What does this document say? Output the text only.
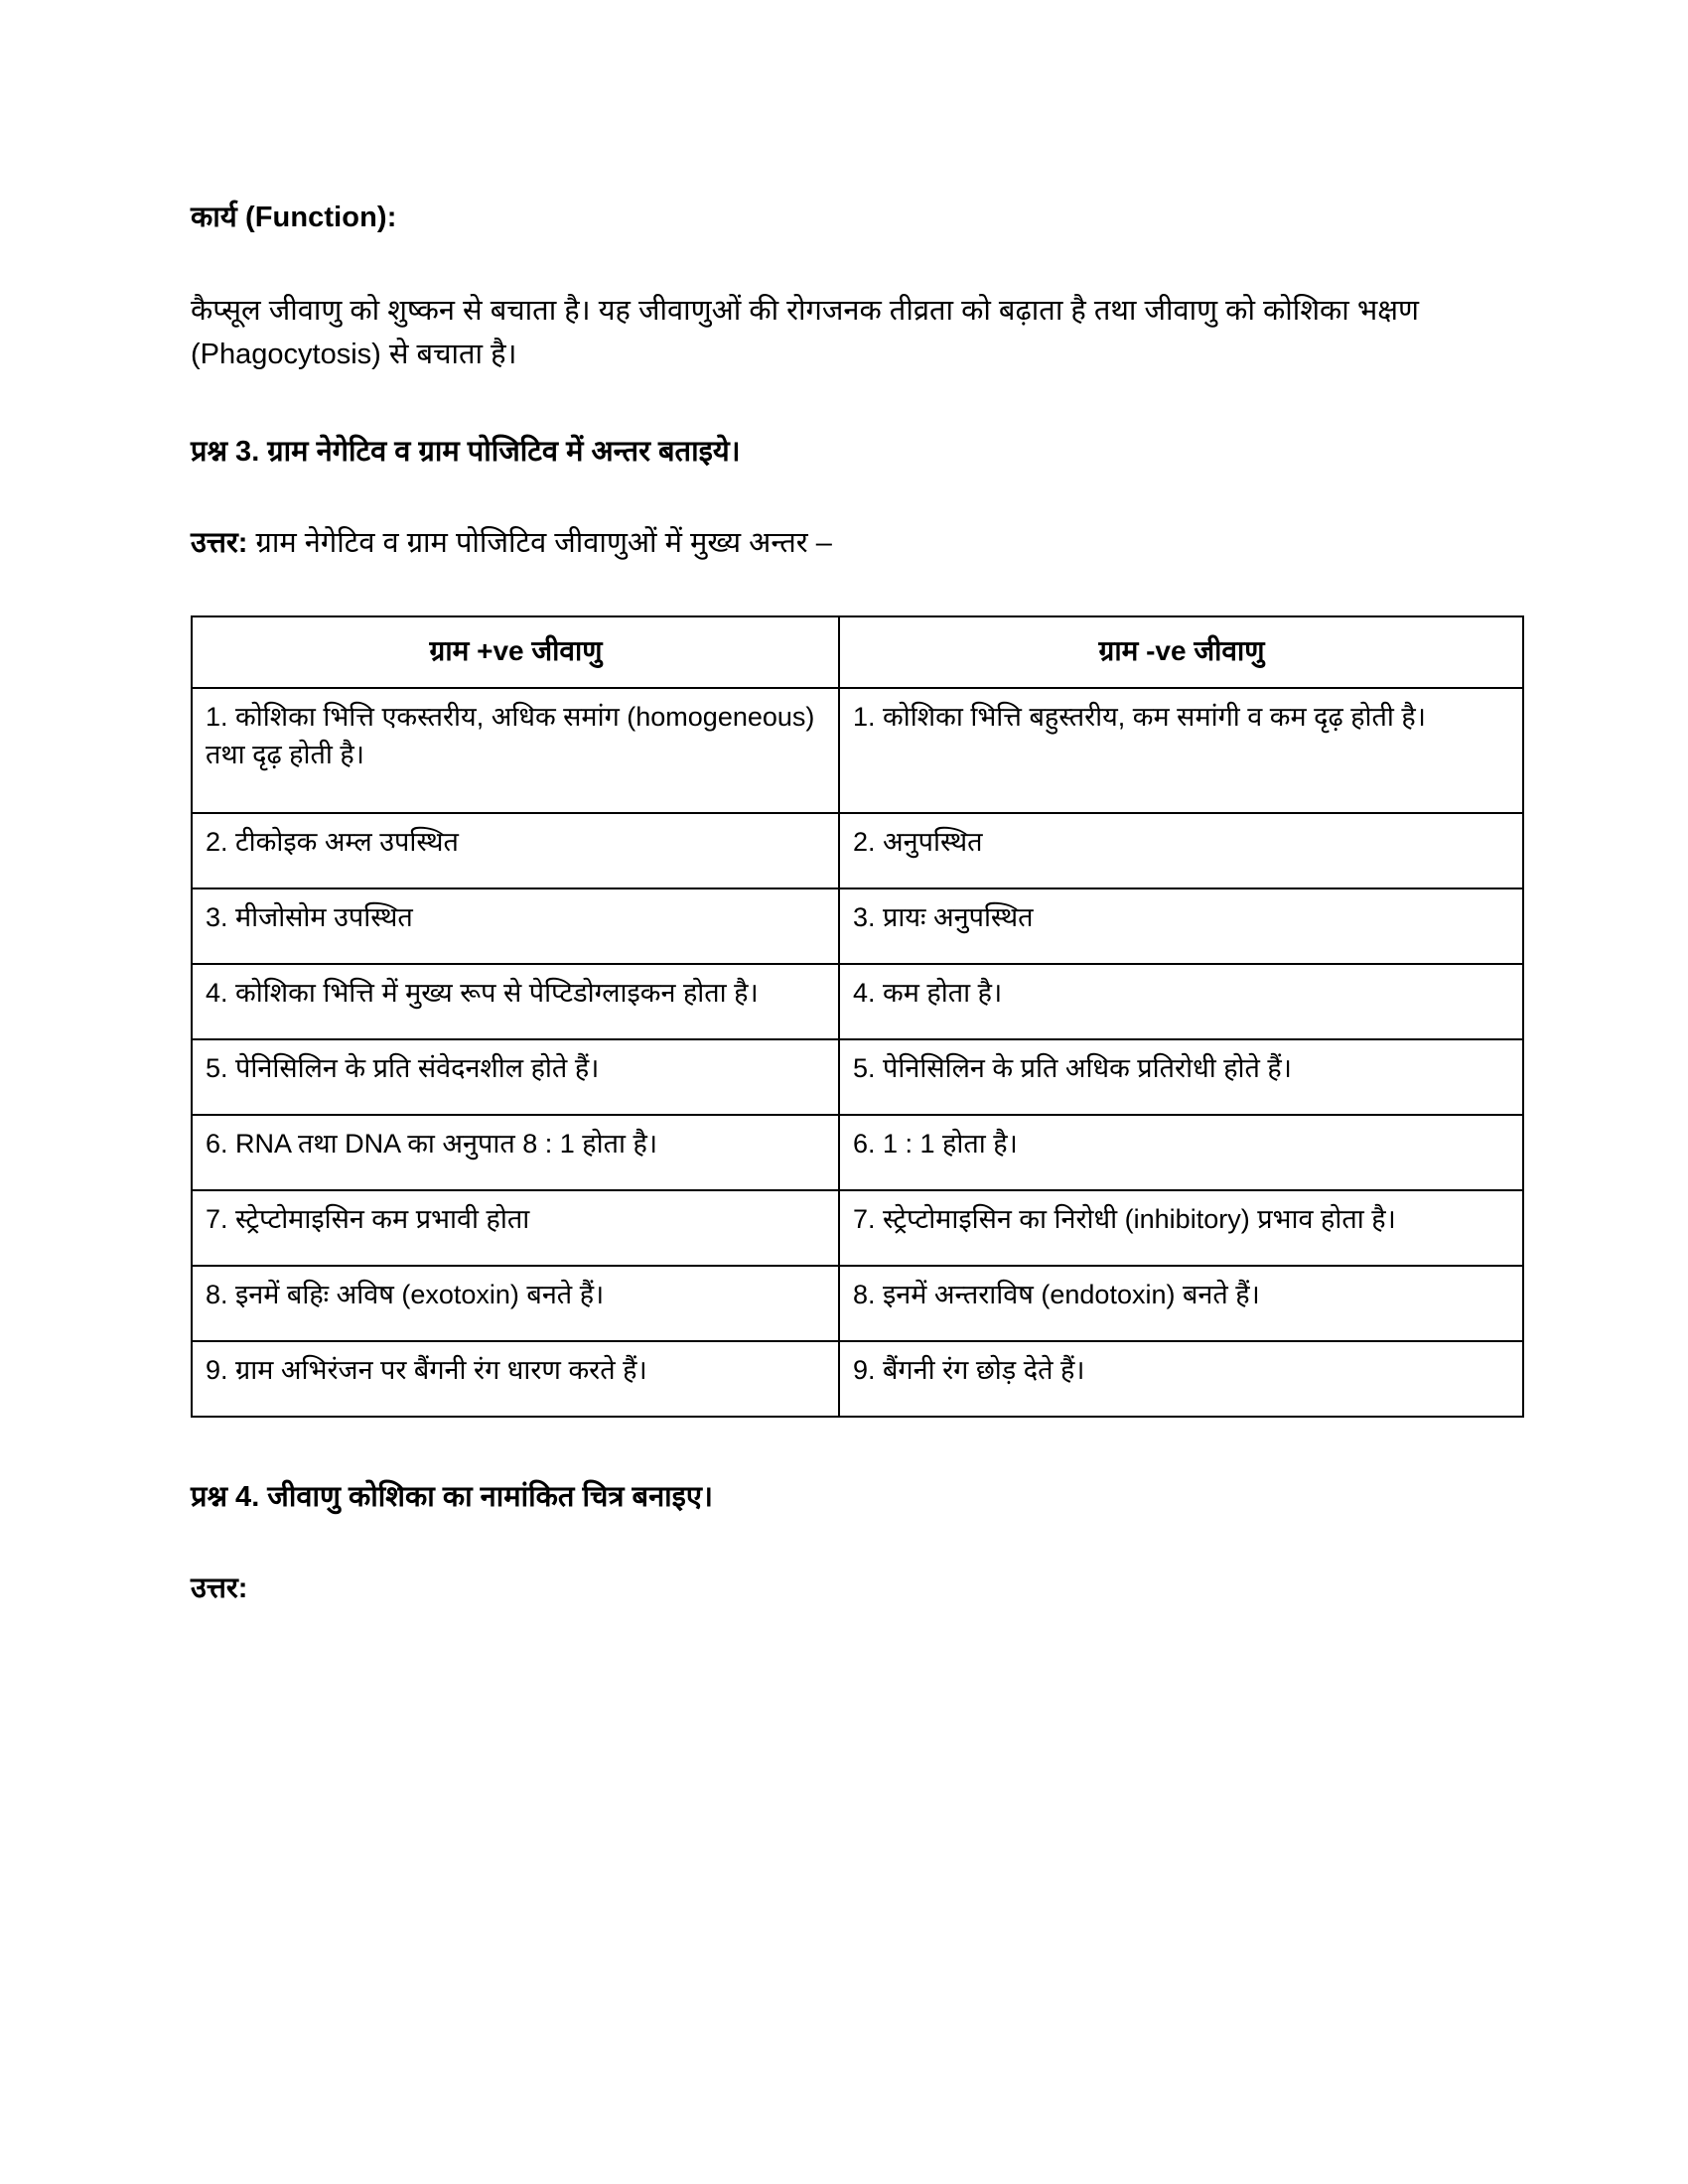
कार्य (Function):

कैप्सूल जीवाणु को शुष्कन से बचाता है। यह जीवाणुओं की रोगजनक तीव्रता को बढ़ाता है तथा जीवाणु को कोशिका भक्षण (Phagocytosis) से बचाता है।

प्रश्न 3. ग्राम नेगेटिव व ग्राम पोजिटिव में अन्तर बताइये।

उत्तर: ग्राम नेगेटिव व ग्राम पोजिटिव जीवाणुओं में मुख्य अन्तर –

ग्राम +ve जीवाणु	ग्राम -ve जीवाणु
1. कोशिका भित्ति एकस्तरीय, अधिक समांग (homogeneous) तथा दृढ़ होती है।	1. कोशिका भित्ति बहुस्तरीय, कम समांगी व कम दृढ़ होती है।
2. टीकोइक अम्ल उपस्थित	2. अनुपस्थित
3. मीजोसोम उपस्थित	3. प्रायः अनुपस्थित
4. कोशिका भित्ति में मुख्य रूप से पेप्टिडोग्लाइकन होता है।	4. कम होता है।
5. पेनिसिलिन के प्रति संवेदनशील होते हैं।	5. पेनिसिलिन के प्रति अधिक प्रतिरोधी होते हैं।
6. RNA तथा DNA का अनुपात 8 : 1 होता है।	6. 1 : 1 होता है।
7. स्ट्रेप्टोमाइसिन कम प्रभावी होता	7. स्ट्रेप्टोमाइसिन का निरोधी (inhibitory) प्रभाव होता है।
8. इनमें बहिः अविष (exotoxin) बनते हैं।	8. इनमें अन्तराविष (endotoxin) बनते हैं।
9. ग्राम अभिरंजन पर बैंगनी रंग धारण करते हैं।	9. बैंगनी रंग छोड़ देते हैं।

प्रश्न 4. जीवाणु कोशिका का नामांकित चित्र बनाइए।

उत्तर:
